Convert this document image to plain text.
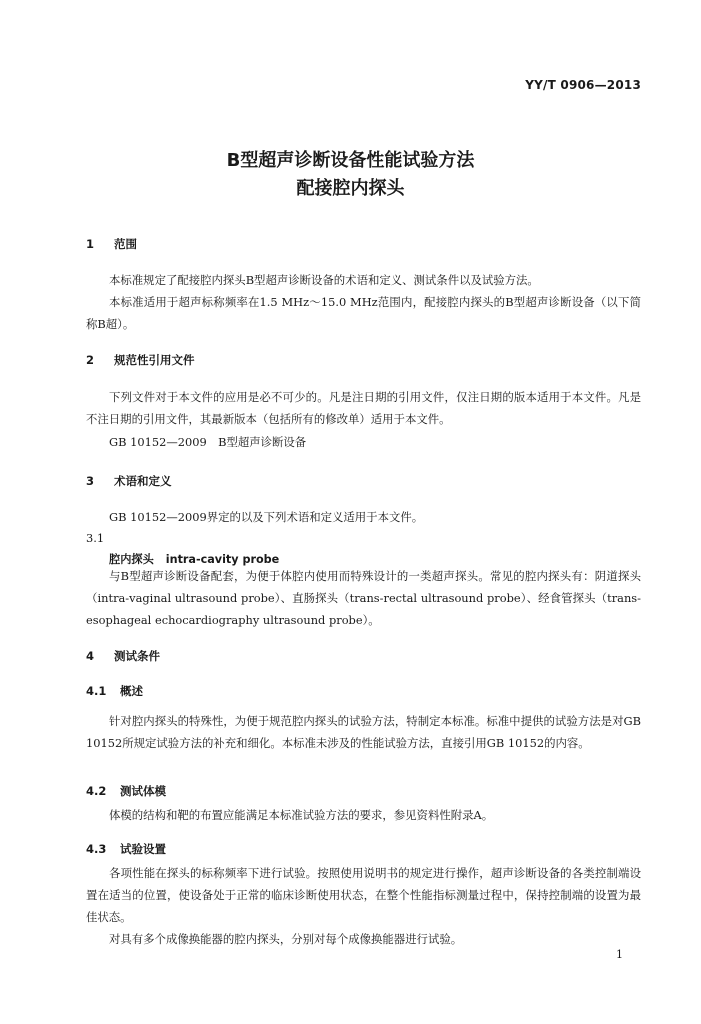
YY/T 0906—2013
B型超声诊断设备性能试验方法
配接腔内探头
1 范围
本标准规定了配接腔内探头B型超声诊断设备的术语和定义、测试条件以及试验方法。
本标准适用于超声标称频率在1.5 MHz～15.0 MHz范围内，配接腔内探头的B型超声诊断设备（以下简称B超）。
2 规范性引用文件
下列文件对于本文件的应用是必不可少的。凡是注日期的引用文件，仅注日期的版本适用于本文件。凡是不注日期的引用文件，其最新版本（包括所有的修改单）适用于本文件。
GB 10152—2009　B型超声诊断设备
3 术语和定义
GB 10152—2009界定的以及下列术语和定义适用于本文件。
3.1
腔内探头 intra-cavity probe
与B型超声诊断设备配套，为便于体腔内使用而特殊设计的一类超声探头。常见的腔内探头有：阴道探头（intra-vaginal ultrasound probe）、直肠探头（trans-rectal ultrasound probe）、经食管探头（trans-esophageal echocardiography ultrasound probe）。
4 测试条件
4.1 概述
针对腔内探头的特殊性，为便于规范腔内探头的试验方法，特制定本标准。标准中提供的试验方法是对GB 10152所规定试验方法的补充和细化。本标准未涉及的性能试验方法，直接引用GB 10152的内容。
4.2 测试体模
体模的结构和靶的布置应能满足本标准试验方法的要求，参见资料性附录A。
4.3 试验设置
各项性能在探头的标称频率下进行试验。按照使用说明书的规定进行操作，超声诊断设备的各类控制端设置在适当的位置，使设备处于正常的临床诊断使用状态，在整个性能指标测量过程中，保持控制端的设置为最佳状态。
对具有多个成像换能器的腔内探头，分别对每个成像换能器进行试验。
1
